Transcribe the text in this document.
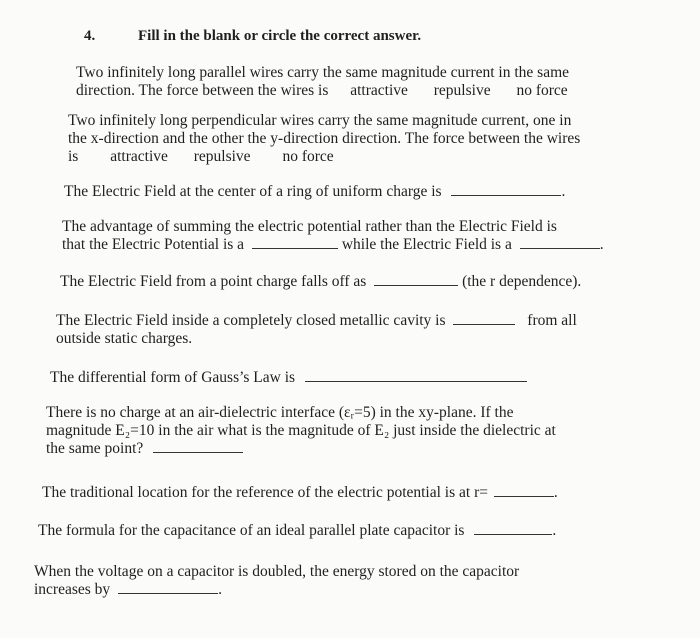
4.	Fill in the blank or circle the correct answer.
Two infinitely long parallel wires carry the same magnitude current in the same
direction. The force between the wires is attractive repulsive no force
Two infinitely long perpendicular wires carry the same magnitude current, one in
the x-direction and the other the y-direction direction. The force between the wires
is attractive repulsive no force
The Electric Field at the center of a ring of uniform charge is	.
The advantage of summing the electric potential rather than the Electric Field is
that the Electric Potential is a	while the Electric Field is a	.
The Electric Field from a point charge falls off as	(the r dependence).
The Electric Field inside a completely closed metallic cavity is	from all
outside static charges.
The differential form of Gauss’s Law is
There is no charge at an air-dielectric interface (εᵣ=5) in the xy-plane. If the
magnitude E₂=10 in the air what is the magnitude of E₂ just inside the dielectric at
the same point?
The traditional location for the reference of the electric potential is at r=	.
The formula for the capacitance of an ideal parallel plate capacitor is	.
When the voltage on a capacitor is doubled, the energy stored on the capacitor
increases by	.
